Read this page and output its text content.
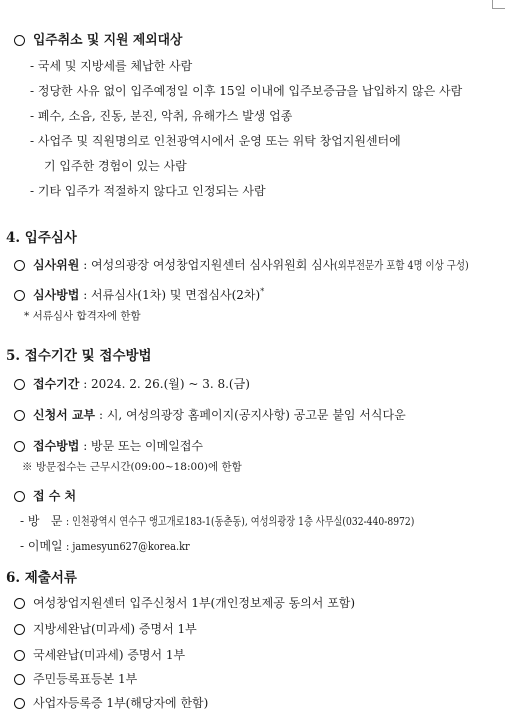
입주취소 및 지원 제외대상
- 국세 및 지방세를 체납한 사람
- 정당한 사유 없이 입주예정일 이후 15일 이내에 입주보증금을 납입하지 않은 사람
- 폐수, 소음, 진동, 분진, 악취, 유해가스 발생 업종
- 사업주 및 직원명의로 인천광역시에서 운영 또는 위탁 창업지원센터에
기 입주한 경험이 있는 사람
- 기타 입주가 적절하지 않다고 인정되는 사람
4. 입주심사
심사위원 : 여성의광장 여성창업지원센터 심사위원회 심사(외부전문가 포함 4명 이상 구성)
심사방법 : 서류심사(1차) 및 면접심사(2차)*
* 서류심사 합격자에 한함
5. 접수기간 및 접수방법
접수기간 : 2024. 2. 26.(월) ~ 3. 8.(금)
신청서 교부 : 시, 여성의광장 홈페이지(공지사항) 공고문 붙임 서식다운
접수방법 : 방문 또는 이메일접수
※ 방문접수는 근무시간(09:00~18:00)에 한함
접 수 처
- 방   문 : 인천광역시 연수구 앵고개로183-1(동춘동), 여성의광장 1층 사무실(032-440-8972)
- 이메일 : jamesyun627@korea.kr
6. 제출서류
여성창업지원센터 입주신청서 1부(개인정보제공 동의서 포함)
지방세완납(미과세) 증명서 1부
국세완납(미과세) 증명서 1부
주민등록표등본 1부
사업자등록증 1부(해당자에 한함)
